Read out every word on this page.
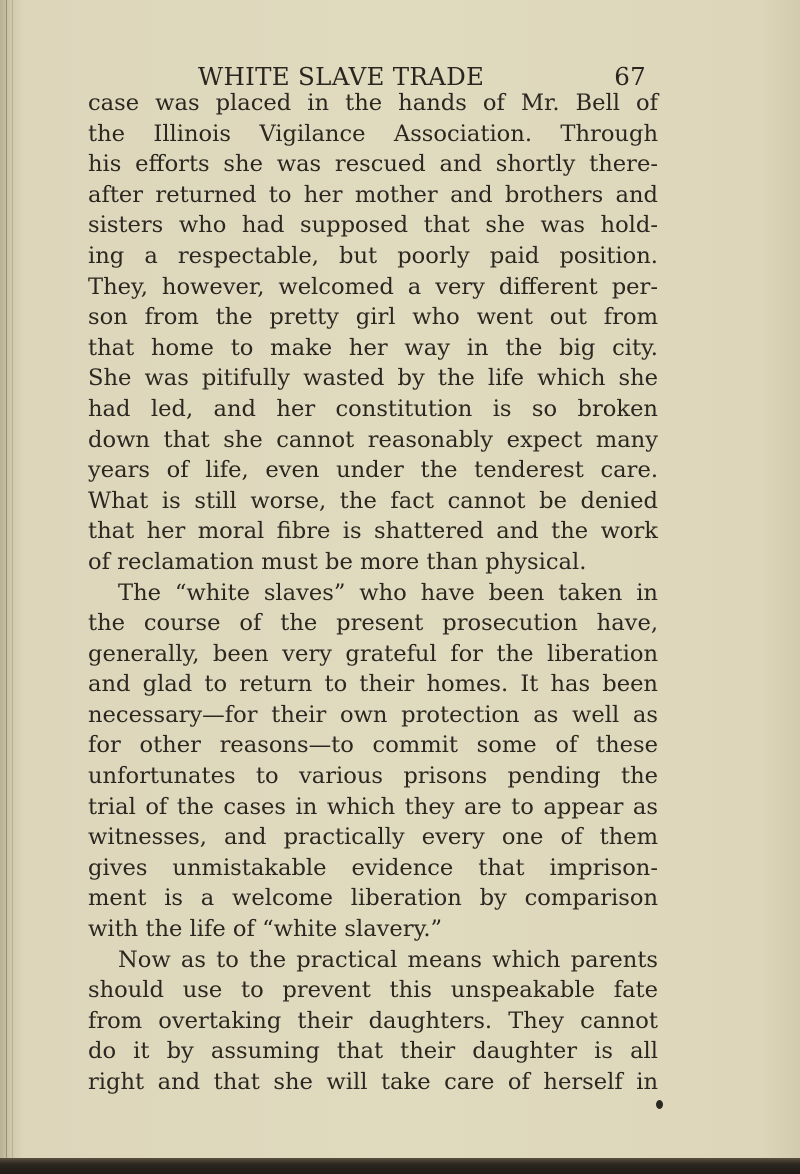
WHITE SLAVE TRADE	67
case was placed in the hands of Mr. Bell of
the Illinois Vigilance Association. Through
his efforts she was rescued and shortly there-
after returned to her mother and brothers and
sisters who had supposed that she was hold-
ing a respectable, but poorly paid position.
They, however, welcomed a very different per-
son from the pretty girl who went out from
that home to make her way in the big city.
She was pitifully wasted by the life which she
had led, and her constitution is so broken
down that she cannot reasonably expect many
years of life, even under the tenderest care.
What is still worse, the fact cannot be denied
that her moral fibre is shattered and the work
of reclamation must be more than physical.
The “white slaves” who have been taken in
the course of the present prosecution have,
generally, been very grateful for the liberation
and glad to return to their homes. It has been
necessary—for their own protection as well as
for other reasons—to commit some of these
unfortunates to various prisons pending the
trial of the cases in which they are to appear as
witnesses, and practically every one of them
gives unmistakable evidence that imprison-
ment is a welcome liberation by comparison
with the life of “white slavery.”
Now as to the practical means which parents
should use to prevent this unspeakable fate
from overtaking their daughters. They cannot
do it by assuming that their daughter is all
right and that she will take care of herself in
